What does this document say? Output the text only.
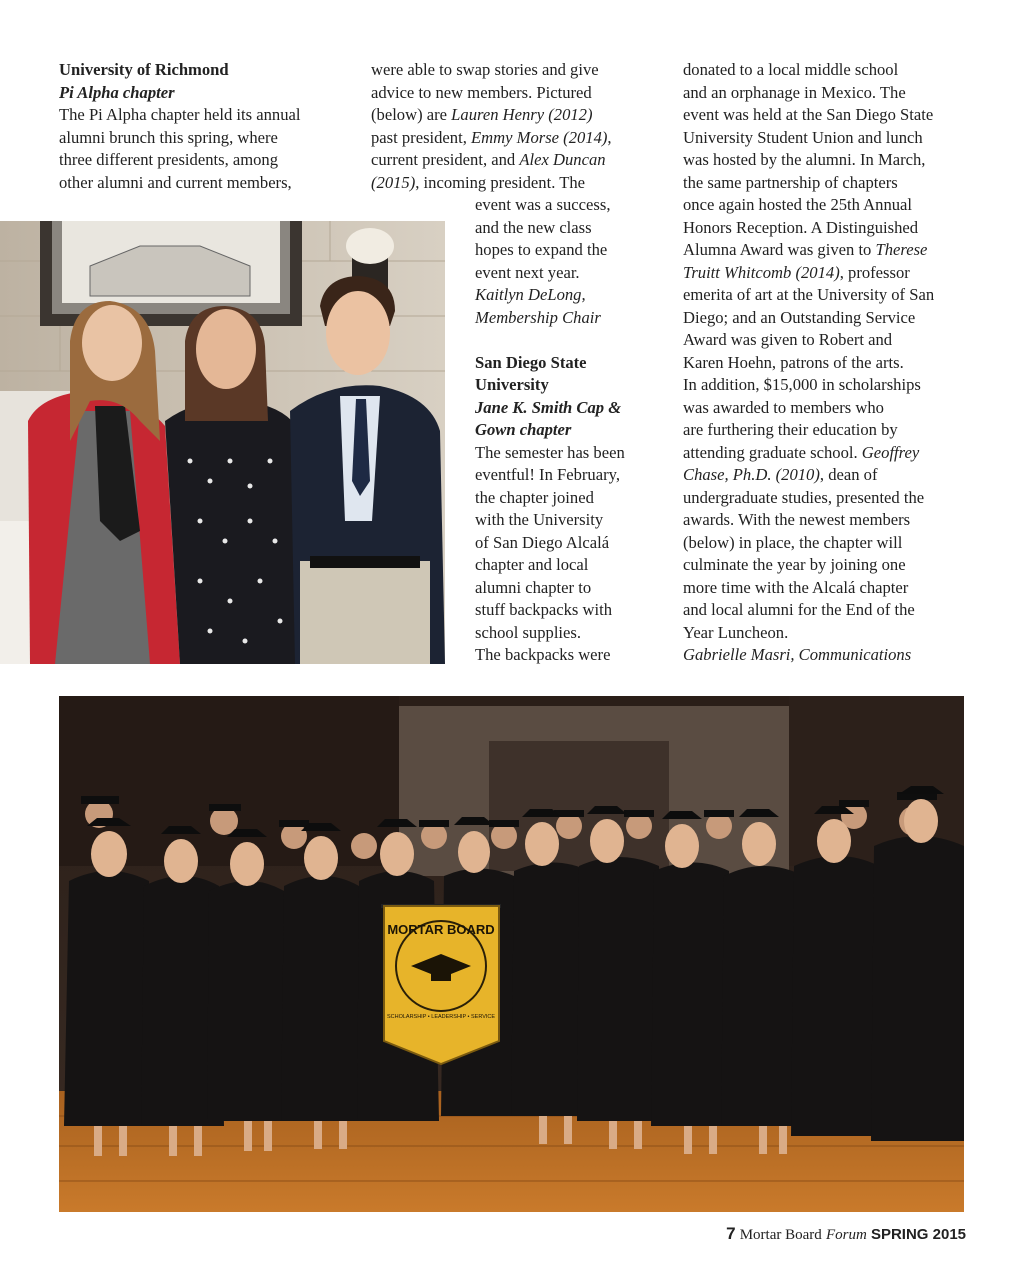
University of Richmond

Pi Alpha chapter

The Pi Alpha chapter held its annual

alumni brunch this spring, where

three different presidents, among

other alumni and current members,

were able to swap stories and give

advice to new members. Pictured

(below) are Lauren Henry (2012)

past president, Emmy Morse (2014),

current president, and Alex Duncan

(2015), incoming president. The

event was a success,

and the new class

hopes to expand the

event next year.

Kaitlyn DeLong,

Membership Chair

San Diego State

University

Jane K. Smith Cap &

Gown chapter

The semester has been

eventful! In February,

the chapter joined

with the University

of San Diego Alcalá

chapter and local

alumni chapter to

stuff backpacks with

school supplies.

The backpacks were

donated to a local middle school

and an orphanage in Mexico. The

event was held at the San Diego State

University Student Union and lunch

was hosted by the alumni. In March,

the same partnership of chapters

once again hosted the 25th Annual

Honors Reception. A Distinguished

Alumna Award was given to Therese

Truitt Whitcomb (2014), professor

emerita of art at the University of San

Diego; and an Outstanding Service

Award was given to Robert and

Karen Hoehn, patrons of the arts.

In addition, $15,000 in scholarships

was awarded to members who

are furthering their education by

attending graduate school. Geoffrey

Chase, Ph.D. (2010), dean of

undergraduate studies, presented the

awards. With the newest members

(below) in place, the chapter will

culminate the year by joining one

more time with the Alcalá chapter

and local alumni for the End of the

Year Luncheon.

Gabrielle Masri, Communications

MORTAR BOARD
SCHOLARSHIP • LEADERSHIP • SERVICE
7 Mortar Board Forum SPRING 2015
